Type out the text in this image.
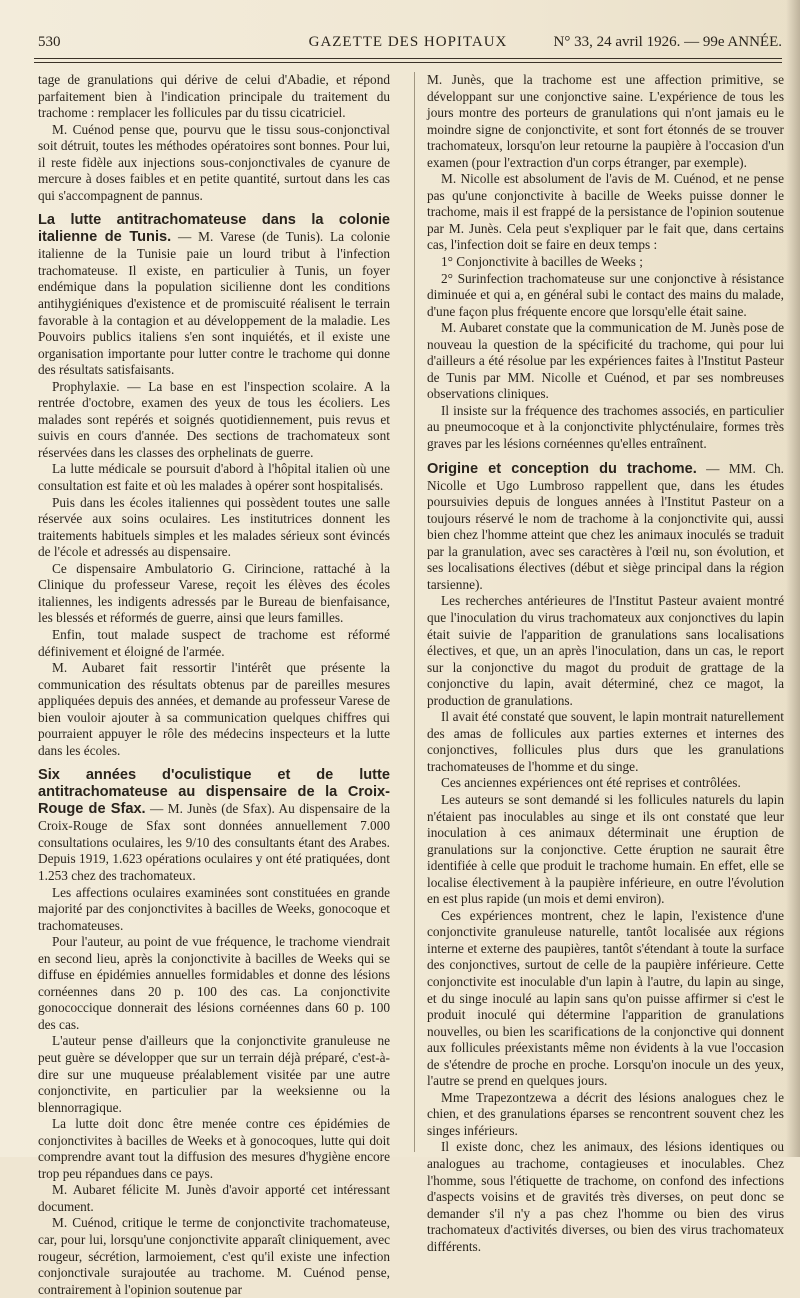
530	GAZETTE DES HOPITAUX	N° 33, 24 avril 1926. — 99e ANNÉE.

tage de granulations qui dérive de celui d'Abadie, et répond parfaitement bien à l'indication principale du traitement du trachome : remplacer les follicules par du tissu cicatriciel.

M. Cuénod pense que, pourvu que le tissu sous-conjonctival soit détruit, toutes les méthodes opératoires sont bonnes. Pour lui, il reste fidèle aux injections sous-conjonctivales de cyanure de mercure à doses faibles et en petite quantité, surtout dans les cas qui s'accompagnent de pannus.

La lutte antitrachomateuse dans la colonie italienne de Tunis. — M. Varese (de Tunis). La colonie italienne de la Tunisie paie un lourd tribut à l'infection trachomateuse. Il existe, en particulier à Tunis, un foyer endémique dans la population sicilienne dont les conditions antihygiéniques d'existence et de promiscuité réalisent le terrain favorable à la contagion et au développement de la maladie. Les Pouvoirs publics italiens s'en sont inquiétés, et il existe une organisation importante pour lutter contre le trachome qui donne des résultats satisfaisants.

Prophylaxie. — La base en est l'inspection scolaire. A la rentrée d'octobre, examen des yeux de tous les écoliers. Les malades sont repérés et soignés quotidiennement, puis revus et suivis en cours d'année. Des sections de trachomateux sont réservées dans les classes des orphelinats de guerre.

La lutte médicale se poursuit d'abord à l'hôpital italien où une consultation est faite et où les malades à opérer sont hospitalisés.

Puis dans les écoles italiennes qui possèdent toutes une salle réservée aux soins oculaires. Les institutrices donnent les traitements habituels simples et les malades sérieux sont évincés de l'école et adressés au dispensaire.

Ce dispensaire Ambulatorio G. Cirincione, rattaché à la Clinique du professeur Varese, reçoit les élèves des écoles italiennes, les indigents adressés par le Bureau de bienfaisance, les blessés et réformés de guerre, ainsi que leurs familles.

Enfin, tout malade suspect de trachome est réformé définivement et éloigné de l'armée.

M. Aubaret fait ressortir l'intérêt que présente la communication des résultats obtenus par de pareilles mesures appliquées depuis des années, et demande au professeur Varese de bien vouloir ajouter à sa communication quelques chiffres qui pourraient appuyer le rôle des médecins inspecteurs et la lutte dans les écoles.

Six années d'oculistique et de lutte antitrachomateuse au dispensaire de la Croix-Rouge de Sfax. — M. Junès (de Sfax). Au dispensaire de la Croix-Rouge de Sfax sont données annuellement 7.000 consultations oculaires, les 9/10 des consultants étant des Arabes. Depuis 1919, 1.623 opérations oculaires y ont été pratiquées, dont 1.253 chez des trachomateux.

Les affections oculaires examinées sont constituées en grande majorité par des conjonctivites à bacilles de Weeks, gonocoque et trachomateuses.

Pour l'auteur, au point de vue fréquence, le trachome viendrait en second lieu, après la conjonctivite à bacilles de Weeks qui se diffuse en épidémies annuelles formidables et donne des lésions cornéennes dans 20 p. 100 des cas. La conjonctivite gonococcique donnerait des lésions cornéennes dans 60 p. 100 des cas.

L'auteur pense d'ailleurs que la conjonctivite granuleuse ne peut guère se développer que sur un terrain déjà préparé, c'est-à-dire sur une muqueuse préalablement visitée par une autre conjonctivite, en particulier par la weeksienne ou la blennorragique.

La lutte doit donc être menée contre ces épidémies de conjonctivites à bacilles de Weeks et à gonocoques, lutte qui doit comprendre avant tout la diffusion des mesures d'hygiène encore trop peu répandues dans ce pays.

M. Aubaret félicite M. Junès d'avoir apporté cet intéressant document.

M. Cuénod, critique le terme de conjonctivite trachomateuse, car, pour lui, lorsqu'une conjonctivite apparaît cliniquement, avec rougeur, sécrétion, larmoiement, c'est qu'il existe une infection conjonctivale surajoutée au trachome. M. Cuénod pense, contrairement à l'opinion soutenue par

M. Junès, que la trachome est une affection primitive, se développant sur une conjonctive saine. L'expérience de tous les jours montre des porteurs de granulations qui n'ont jamais eu le moindre signe de conjonctivite, et sont fort étonnés de se trouver trachomateux, lorsqu'on leur retourne la paupière à l'occasion d'un examen (pour l'extraction d'un corps étranger, par exemple).

M. Nicolle est absolument de l'avis de M. Cuénod, et ne pense pas qu'une conjonctivite à bacille de Weeks puisse donner le trachome, mais il est frappé de la persistance de l'opinion soutenue par M. Junès. Cela peut s'expliquer par le fait que, dans certains cas, l'infection doit se faire en deux temps :

1° Conjonctivite à bacilles de Weeks ;

2° Surinfection trachomateuse sur une conjonctive à résistance diminuée et qui a, en général subi le contact des mains du malade, d'une façon plus fréquente encore que lorsqu'elle était saine.

M. Aubaret constate que la communication de M. Junès pose de nouveau la question de la spécificité du trachome, qui pour lui d'ailleurs a été résolue par les expériences faites à l'Institut Pasteur de Tunis par MM. Nicolle et Cuénod, et par ses nombreuses observations cliniques.

Il insiste sur la fréquence des trachomes associés, en particulier au pneumocoque et à la conjonctivite phlycténulaire, formes très graves par les lésions cornéennes qu'elles entraînent.

Origine et conception du trachome. — MM. Ch. Nicolle et Ugo Lumbroso rappellent que, dans les études poursuivies depuis de longues années à l'Institut Pasteur on a toujours réservé le nom de trachome à la conjonctivite qui, aussi bien chez l'homme atteint que chez les animaux inoculés se traduit par la granulation, avec ses caractères à l'œil nu, son évolution, et ses localisations électives (début et siège principal dans la région tarsienne).

Les recherches antérieures de l'Institut Pasteur avaient montré que l'inoculation du virus trachomateux aux conjonctives du lapin était suivie de l'apparition de granulations sans localisations électives, et que, un an après l'inoculation, dans un cas, le report sur la conjonctive du magot du produit de grattage de la conjonctive du lapin, avait déterminé, chez ce magot, la production de granulations.

Il avait été constaté que souvent, le lapin montrait naturellement des amas de follicules aux parties externes et internes des conjonctives, follicules plus durs que les granulations trachomateuses de l'homme et du singe.

Ces anciennes expériences ont été reprises et contrôlées.

Les auteurs se sont demandé si les follicules naturels du lapin n'étaient pas inoculables au singe et ils ont constaté que leur inoculation à ces animaux déterminait une éruption de granulations sur la conjonctive. Cette éruption ne saurait être identifiée à celle que produit le trachome humain. En effet, elle se localise électivement à la paupière inférieure, en outre l'évolution en est plus rapide (un mois et demi environ).

Ces expériences montrent, chez le lapin, l'existence d'une conjonctivite granuleuse naturelle, tantôt localisée aux régions interne et externe des paupières, tantôt s'étendant à toute la surface des conjonctives, surtout de celle de la paupière inférieure. Cette conjonctivite est inoculable d'un lapin à l'autre, du lapin au singe, et du singe inoculé au lapin sans qu'on puisse affirmer si c'est le produit inoculé qui détermine l'apparition de granulations nouvelles, ou bien les scarifications de la conjonctive qui donnent aux follicules préexistants même non évidents à la vue l'occasion de s'étendre de proche en proche. Lorsqu'on inocule un des yeux, l'autre se prend en quelques jours.

Mme Trapezontzewa a décrit des lésions analogues chez le chien, et des granulations éparses se rencontrent souvent chez les singes inférieurs.

Il existe donc, chez les animaux, des lésions identiques ou analogues au trachome, contagieuses et inoculables. Chez l'homme, sous l'étiquette de trachome, on confond des infections d'aspects voisins et de gravités très diverses, on peut donc se demander s'il n'y a pas chez l'homme ou bien des virus trachomateux d'activités diverses, ou bien des virus trachomateux différents.
